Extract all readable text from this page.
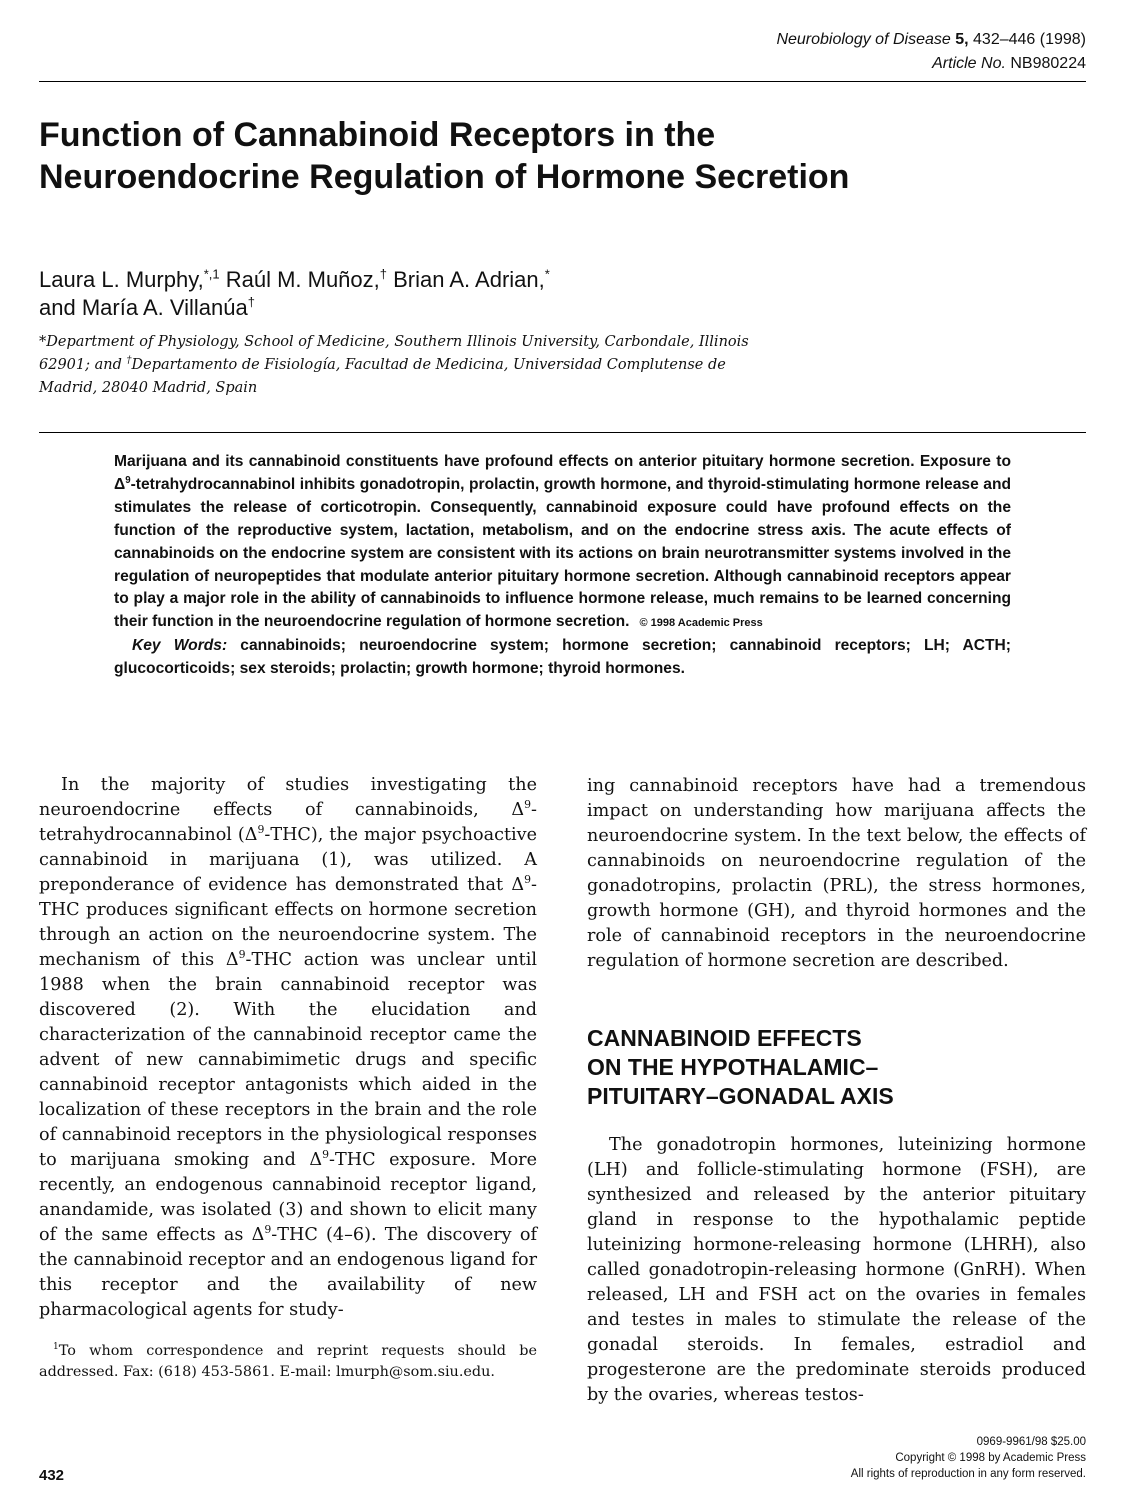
Neurobiology of Disease 5, 432–446 (1998)
Article No. NB980224
Function of Cannabinoid Receptors in the
Neuroendocrine Regulation of Hormone Secretion
Laura L. Murphy,$^{*,1}$ Raúl M. Muñoz,† Brian A. Adrian,*
and María A. Villanúa†
*Department of Physiology, School of Medicine, Southern Illinois University, Carbondale, Illinois 62901; and †Departamento de Fisiología, Facultad de Medicina, Universidad Complutense de Madrid, 28040 Madrid, Spain

Marijuana and its cannabinoid constituents have profound effects on anterior pituitary hormone secretion. Exposure to $\Delta^9$-tetrahydrocannabinol inhibits gonadotropin, prolactin, growth hormone, and thyroid-stimulating hormone release and stimulates the release of corticotropin. Consequently, cannabinoid exposure could have profound effects on the function of the reproductive system, lactation, metabolism, and on the endocrine stress axis. The acute effects of cannabinoids on the endocrine system are consistent with its actions on brain neurotransmitter systems involved in the regulation of neuropeptides that modulate anterior pituitary hormone secretion. Although cannabinoid receptors appear to play a major role in the ability of cannabinoids to influence hormone release, much remains to be learned concerning their function in the neuroendocrine regulation of hormone secretion. © 1998 Academic Press

Key Words: cannabinoids; neuroendocrine system; hormone secretion; cannabinoid receptors; LH; ACTH; glucocorticoids; sex steroids; prolactin; growth hormone; thyroid hormones.

In the majority of studies investigating the neuroendocrine effects of cannabinoids, $\Delta^9$-tetrahydrocannabinol $(\Delta^9-THC)$, the major psychoactive cannabinoid in marijuana (1), was utilized. A preponderance of evidence has demonstrated that $\Delta^9$-THC produces significant effects on hormone secretion through an action on the neuroendocrine system. The mechanism of this $\Delta^9$-THC action was unclear until 1988 when the brain cannabinoid receptor was discovered (2). With the elucidation and characterization of the cannabinoid receptor came the advent of new cannabimimetic drugs and specific cannabinoid receptor antagonists which aided in the localization of these receptors in the brain and the role of cannabinoid receptors in the physiological responses to marijuana smoking and $\Delta^9$-THC exposure. More recently, an endogenous cannabinoid receptor ligand, anandamide, was isolated (3) and shown to elicit many of the same effects as $\Delta^9$-THC (4–6). The discovery of the cannabinoid receptor and an endogenous ligand for this receptor and the availability of new pharmacological agents for study-

ing cannabinoid receptors have had a tremendous impact on understanding how marijuana affects the neuroendocrine system. In the text below, the effects of cannabinoids on neuroendocrine regulation of the gonadotropins, prolactin (PRL), the stress hormones, growth hormone (GH), and thyroid hormones and the role of cannabinoid receptors in the neuroendocrine regulation of hormone secretion are described.

CANNABINOID EFFECTS
ON THE HYPOTHALAMIC–
PITUITARY–GONADAL AXIS

The gonadotropin hormones, luteinizing hormone (LH) and follicle-stimulating hormone (FSH), are synthesized and released by the anterior pituitary gland in response to the hypothalamic peptide luteinizing hormone-releasing hormone (LHRH), also called gonadotropin-releasing hormone (GnRH). When released, LH and FSH act on the ovaries in females and testes in males to stimulate the release of the gonadal steroids. In females, estradiol and progesterone are the predominate steroids produced by the ovaries, whereas testos-

$^1$To whom correspondence and reprint requests should be addressed. Fax: (618) 453-5861. E-mail: lmurph@som.siu.edu.
432
0969-9961/98 $25.00
Copyright © 1998 by Academic Press
All rights of reproduction in any form reserved.
